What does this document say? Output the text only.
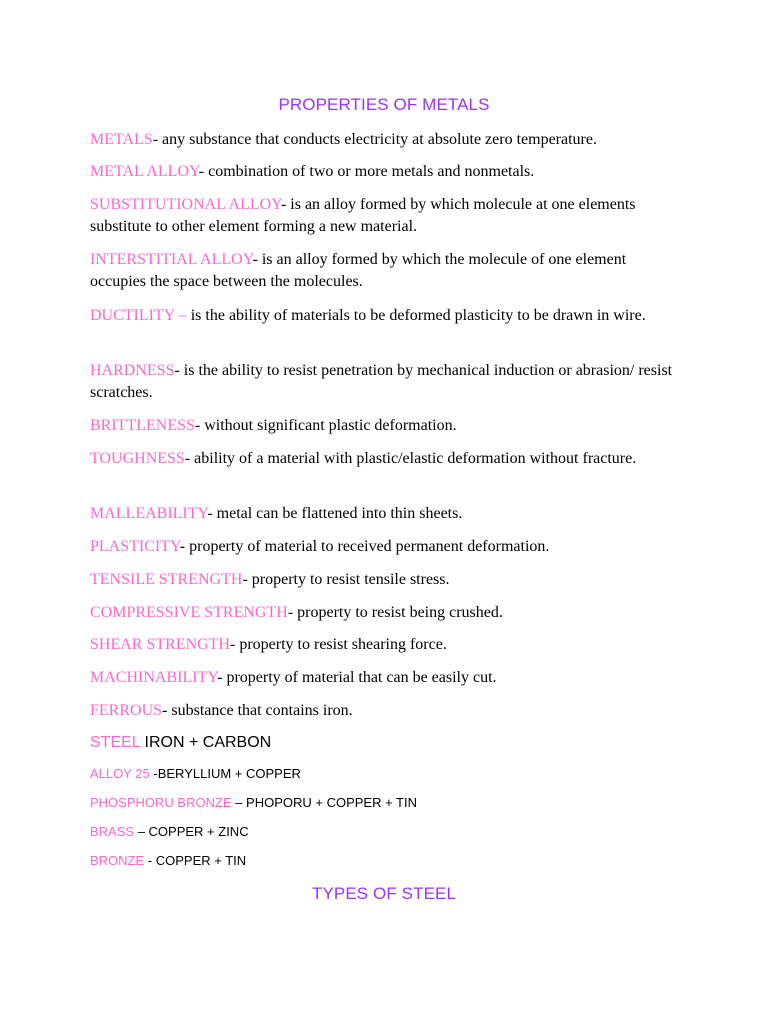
PROPERTIES OF METALS

METALS- any substance that conducts electricity at absolute zero temperature.

METAL ALLOY- combination of two or more metals and nonmetals.

SUBSTITUTIONAL ALLOY- is an alloy formed by which molecule at one elements substitute to other element forming a new material.

INTERSTITIAL ALLOY- is an alloy formed by which the molecule of one element occupies the space between the molecules.

DUCTILITY – is the ability of materials to be deformed plasticity to be drawn in wire.

HARDNESS- is the ability to resist penetration by mechanical induction or abrasion/ resist scratches.

BRITTLENESS- without significant plastic deformation.

TOUGHNESS- ability of a material with plastic/elastic deformation without fracture.

MALLEABILITY- metal can be flattened into thin sheets.

PLASTICITY- property of material to received permanent deformation.

TENSILE STRENGTH- property to resist tensile stress.

COMPRESSIVE STRENGTH- property to resist being crushed.

SHEAR STRENGTH- property to resist shearing force.

MACHINABILITY- property of material that can be easily cut.

FERROUS- substance that contains iron.

STEEL IRON + CARBON

ALLOY 25 -BERYLLIUM + COPPER

PHOSPHORU BRONZE – PHOPORU + COPPER + TIN

BRASS – COPPER + ZINC

BRONZE - COPPER + TIN

TYPES OF STEEL
